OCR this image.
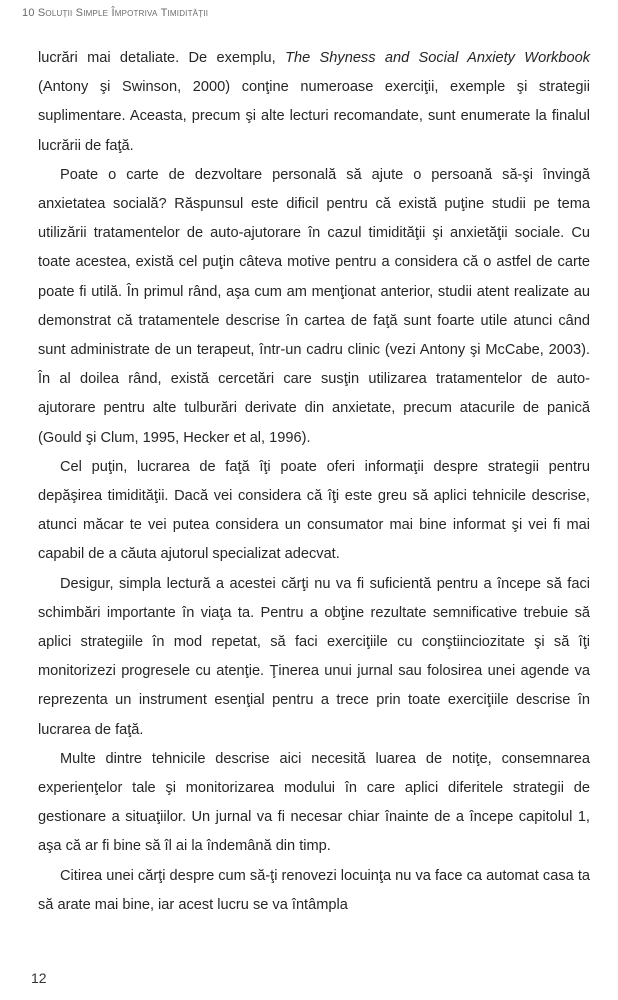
10 Soluții Simple Împotriva Timidității

lucrări mai detaliate. De exemplu, The Shyness and Social Anxiety Workbook (Antony şi Swinson, 2000) conţine numeroase exerciţii, exemple şi strategii suplimentare. Aceasta, precum şi alte lecturi recomandate, sunt enumerate la finalul lucrării de faţă.

Poate o carte de dezvoltare personală să ajute o persoană să-şi învingă anxietatea socială? Răspunsul este dificil pentru că există puţine studii pe tema utilizării tratamentelor de auto-ajutorare în cazul timidităţii şi anxietăţii sociale. Cu toate acestea, există cel puţin câteva motive pentru a considera că o astfel de carte poate fi utilă. În primul rând, aşa cum am menţionat anterior, studii atent realizate au demonstrat că tratamentele descrise în cartea de faţă sunt foarte utile atunci când sunt administrate de un terapeut, într-un cadru clinic (vezi Antony şi McCabe, 2003). În al doilea rând, există cercetări care susţin utilizarea tratamentelor de auto-ajutorare pentru alte tulburări derivate din anxietate, precum atacurile de panică (Gould şi Clum, 1995, Hecker et al, 1996).

Cel puţin, lucrarea de faţă îţi poate oferi informaţii despre strategii pentru depăşirea timidităţii. Dacă vei considera că îţi este greu să aplici tehnicile descrise, atunci măcar te vei putea considera un consumator mai bine informat şi vei fi mai capabil de a căuta ajutorul specializat adecvat.

Desigur, simpla lectură a acestei cărţi nu va fi suficientă pentru a începe să faci schimbări importante în viaţa ta. Pentru a obţine rezultate semnificative trebuie să aplici strategiile în mod repetat, să faci exerciţiile cu conştiinciozitate şi să îţi monitorizezi progresele cu atenţie. Ţinerea unui jurnal sau folosirea unei agende va reprezenta un instrument esenţial pentru a trece prin toate exerciţiile descrise în lucrarea de faţă.

Multe dintre tehnicile descrise aici necesită luarea de notiţe, consemnarea experienţelor tale şi monitorizarea modului în care aplici diferitele strategii de gestionare a situaţiilor. Un jurnal va fi necesar chiar înainte de a începe capitolul 1, aşa că ar fi bine să îl ai la îndemână din timp.

Citirea unei cărţi despre cum să-ţi renovezi locuinţa nu va face ca automat casa ta să arate mai bine, iar acest lucru se va întâmpla

12
